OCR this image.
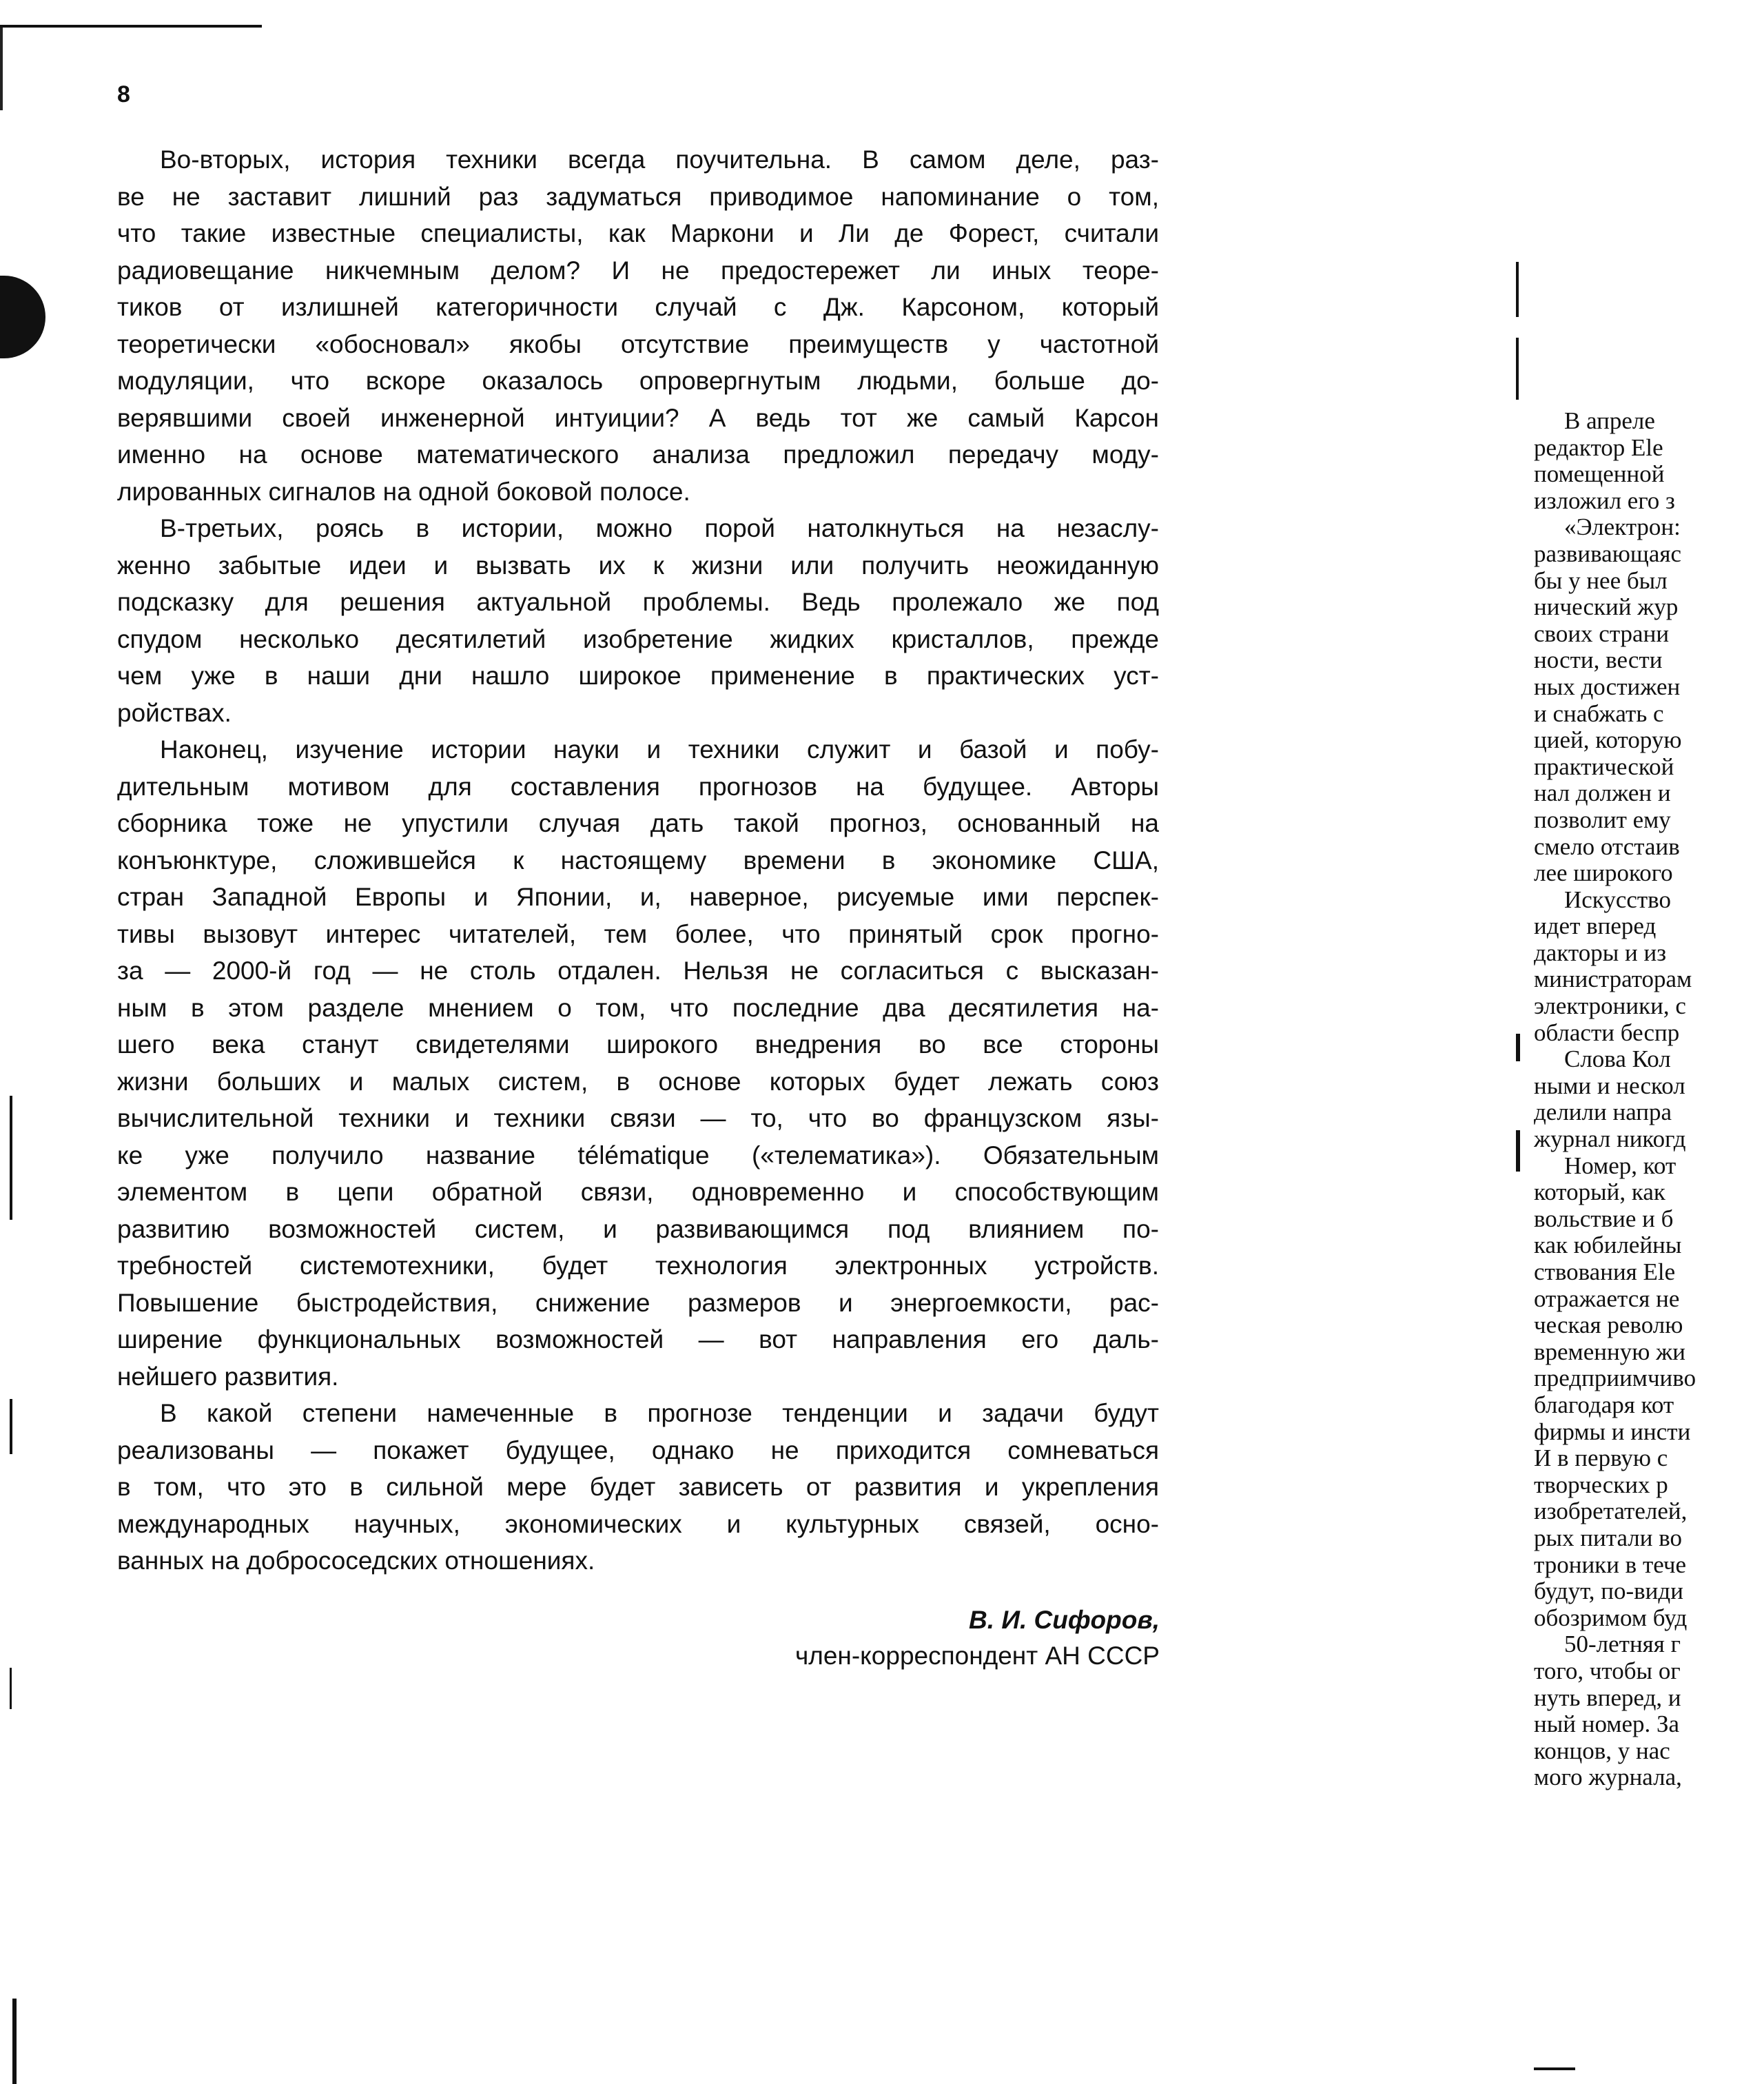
8

Во-вторых, история техники всегда поучительна. В самом деле, раз-
ве не заставит лишний раз задуматься приводимое напоминание о том,
что такие известные специалисты, как Маркони и Ли де Форест, считали
радиовещание никчемным делом? И не предостережет ли иных теоре-
тиков от излишней категоричности случай с Дж. Карсоном, который
теоретически «обосновал» якобы отсутствие преимуществ у частотной
модуляции, что вскоре оказалось опровергнутым людьми, больше до-
верявшими своей инженерной интуиции? А ведь тот же самый Карсон
именно на основе математического анализа предложил передачу моду-
лированных сигналов на одной боковой полосе.

В-третьих, роясь в истории, можно порой натолкнуться на незаслу-
женно забытые идеи и вызвать их к жизни или получить неожиданную
подсказку для решения актуальной проблемы. Ведь пролежало же под
спудом несколько десятилетий изобретение жидких кристаллов, прежде
чем уже в наши дни нашло широкое применение в практических уст-
ройствах.

Наконец, изучение истории науки и техники служит и базой и побу-
дительным мотивом для составления прогнозов на будущее. Авторы
сборника тоже не упустили случая дать такой прогноз, основанный на
конъюнктуре, сложившейся к настоящему времени в экономике США,
стран Западной Европы и Японии, и, наверное, рисуемые ими перспек-
тивы вызовут интерес читателей, тем более, что принятый срок прогно-
за — 2000-й год — не столь отдален. Нельзя не согласиться с высказан-
ным в этом разделе мнением о том, что последние два десятилетия на-
шего века станут свидетелями широкого внедрения во все стороны
жизни больших и малых систем, в основе которых будет лежать союз
вычислительной техники и техники связи — то, что во французском язы-
ке уже получило название télématique («телематика»). Обязательным
элементом в цепи обратной связи, одновременно и способствующим
развитию возможностей систем, и развивающимся под влиянием по-
требностей системотехники, будет технология электронных устройств.
Повышение быстродействия, снижение размеров и энергоемкости, рас-
ширение функциональных возможностей — вот направления его даль-
нейшего развития.

В какой степени намеченные в прогнозе тенденции и задачи будут
реализованы — покажет будущее, однако не приходится сомневаться
в том, что это в сильной мере будет зависеть от развития и укрепления
международных научных, экономических и культурных связей, осно-
ванных на добрососедских отношениях.

В. И. Сифоров,
член-корреспондент АН СССР
В апреле
редактор Ele
помещенной
изложил его з
«Электрон:
развивающаяс
бы у нее был
нический жур
своих страни
ности, вести
ных достижен
и снабжать с
цией, которую
практической
нал должен и
позволит ему
смело отстаив
лее широкого
Искусство
идет вперед
дакторы и из
министраторам
электроники, с
области беспр
Слова Кол
ными и нескол
делили напра
журнал никогд
Номер, кот
который, как
вольствие и б
как юбилейны
ствования Ele
отражается не
ческая револю
временную жи
предприимчиво
благодаря кот
фирмы и инсти
И в первую с
творческих р
изобретателей,
рых питали во
троники в тече
будут, по-види
обозримом буд
50-летняя г
того, чтобы ог
нуть вперед, и
ный номер. За
концов, у нас
мого журнала,
